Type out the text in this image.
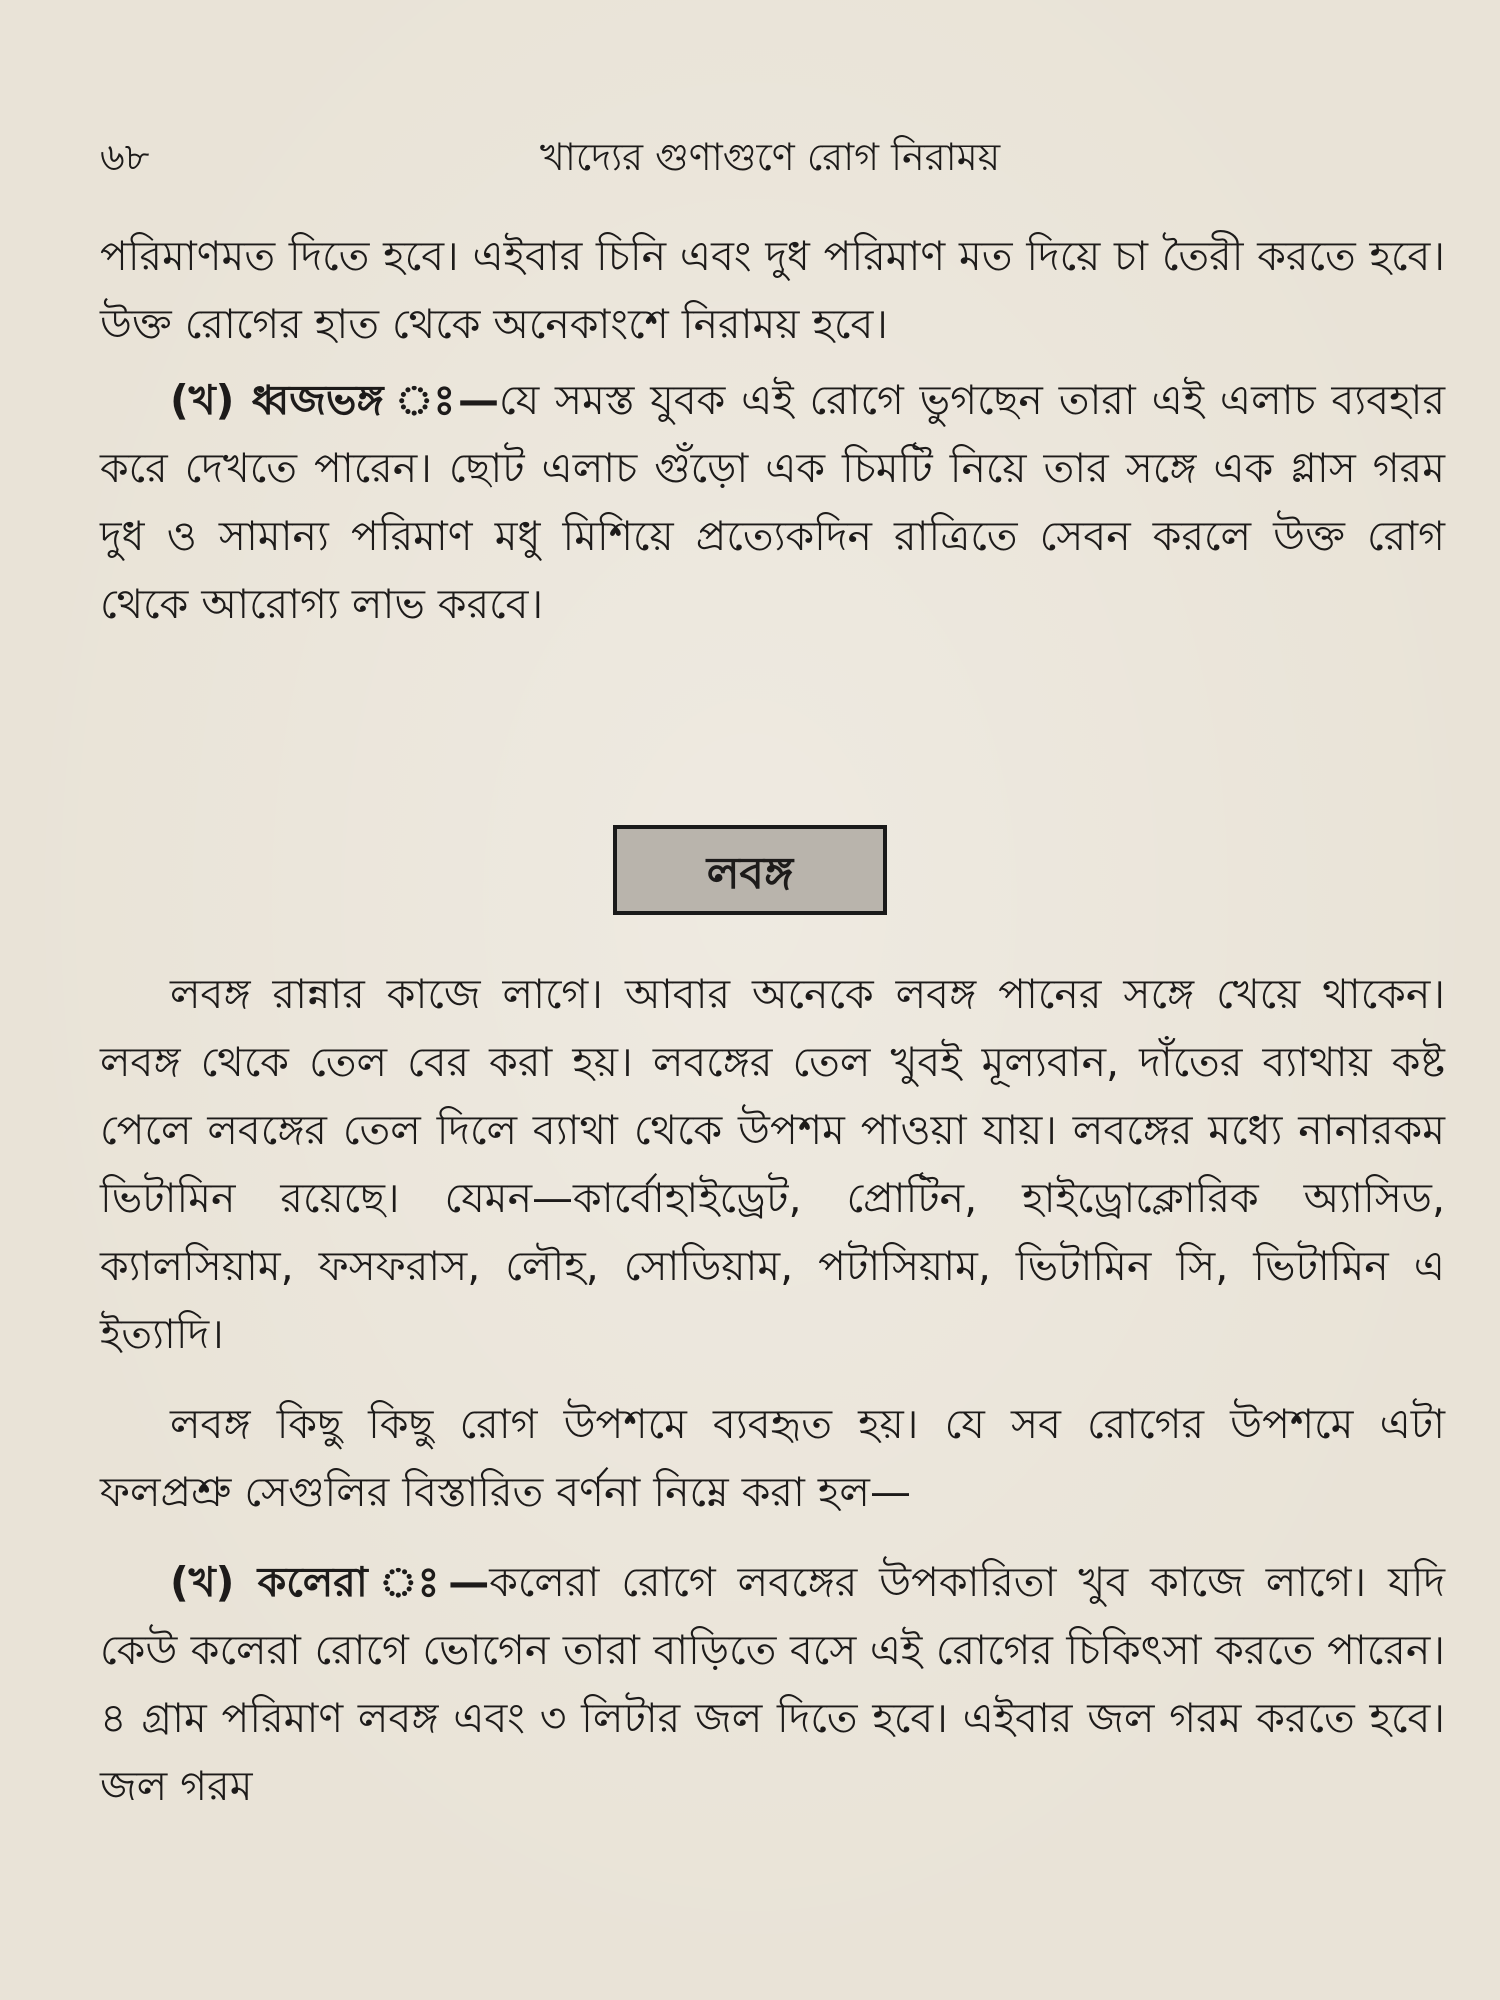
৬৮	খাদ্যের গুণাগুণে রোগ নিরাময়

পরিমাণমত দিতে হবে। এইবার চিনি এবং দুধ পরিমাণ মত দিয়ে চা তৈরী করতে হবে। উক্ত রোগের হাত থেকে অনেকাংশে নিরাময় হবে।

(খ) ধ্বজভঙ্গ ঃ—যে সমস্ত যুবক এই রোগে ভুগছেন তারা এই এলাচ ব্যবহার করে দেখতে পারেন। ছোট এলাচ গুঁড়ো এক চিমটি নিয়ে তার সঙ্গে এক গ্লাস গরম দুধ ও সামান্য পরিমাণ মধু মিশিয়ে প্রত্যেকদিন রাত্রিতে সেবন করলে উক্ত রোগ থেকে আরোগ্য লাভ করবে।

লবঙ্গ

লবঙ্গ রান্নার কাজে লাগে। আবার অনেকে লবঙ্গ পানের সঙ্গে খেয়ে থাকেন। লবঙ্গ থেকে তেল বের করা হয়। লবঙ্গের তেল খুবই মূল্যবান, দাঁতের ব্যাথায় কষ্ট পেলে লবঙ্গের তেল দিলে ব্যাথা থেকে উপশম পাওয়া যায়। লবঙ্গের মধ্যে নানারকম ভিটামিন রয়েছে। যেমন—কার্বোহাইড্রেট, প্রোটিন, হাইড্রোক্লোরিক অ্যাসিড, ক্যালসিয়াম, ফসফরাস, লৌহ, সোডিয়াম, পটাসিয়াম, ভিটামিন সি, ভিটামিন এ ইত্যাদি।

লবঙ্গ কিছু কিছু রোগ উপশমে ব্যবহৃত হয়। যে সব রোগের উপশমে এটা ফলপ্রশ্রু সেগুলির বিস্তারিত বর্ণনা নিম্নে করা হল—

(খ) কলেরা ঃ—কলেরা রোগে লবঙ্গের উপকারিতা খুব কাজে লাগে। যদি কেউ কলেরা রোগে ভোগেন তারা বাড়িতে বসে এই রোগের চিকিৎসা করতে পারেন। ৪ গ্রাম পরিমাণ লবঙ্গ এবং ৩ লিটার জল দিতে হবে। এইবার জল গরম করতে হবে। জল গরম
